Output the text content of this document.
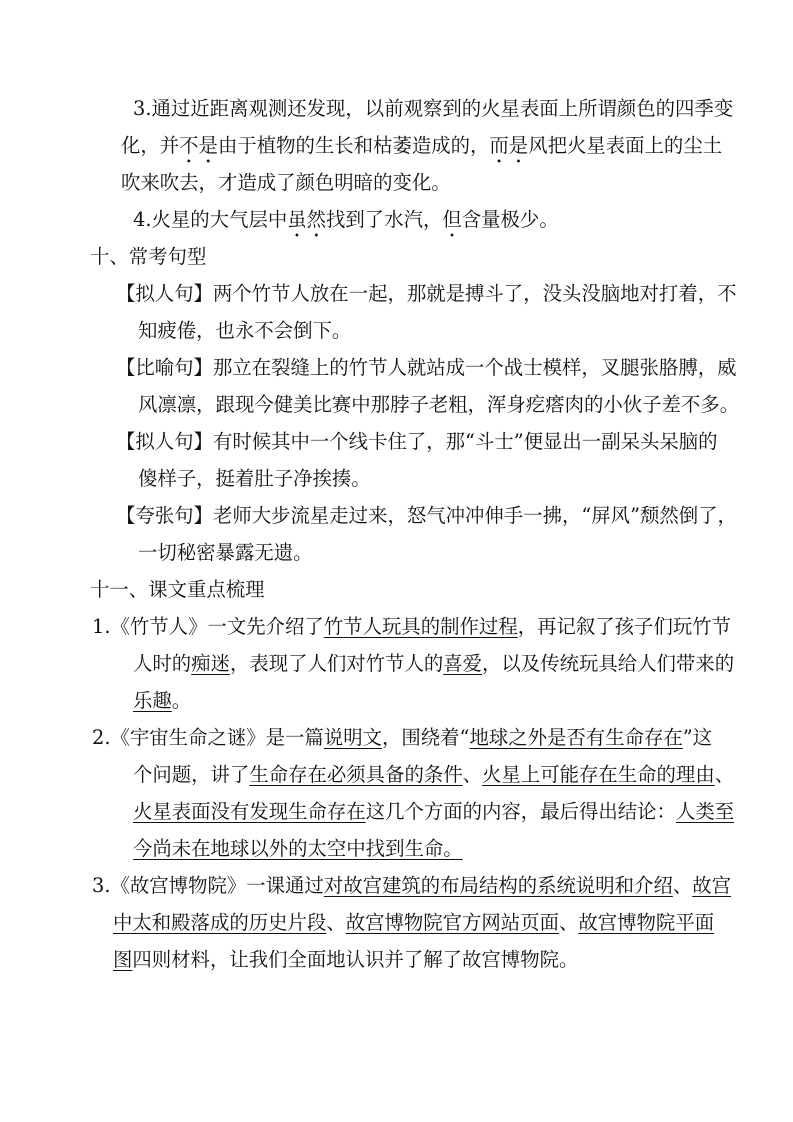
3.通过近距离观测还发现，以前观察到的火星表面上所谓颜色的四季变
化，并不是由于植物的生长和枯萎造成的，而是风把火星表面上的尘土
吹来吹去，才造成了颜色明暗的变化。
4.火星的大气层中虽然找到了水汽，但含量极少。
十、常考句型
【拟人句】两个竹节人放在一起，那就是搏斗了，没头没脑地对打着，不
知疲倦，也永不会倒下。
【比喻句】那立在裂缝上的竹节人就站成一个战士模样，叉腿张胳膊，威
风凛凛，跟现今健美比赛中那脖子老粗，浑身疙瘩肉的小伙子差不多。
【拟人句】有时候其中一个线卡住了，那“斗士”便显出一副呆头呆脑的
傻样子，挺着肚子净挨揍。
【夸张句】老师大步流星走过来，怒气冲冲伸手一拂，“屏风”颓然倒了，
一切秘密暴露无遗。
十一、课文重点梳理
1.《竹节人》一文先介绍了竹节人玩具的制作过程，再记叙了孩子们玩竹节
人时的痴迷，表现了人们对竹节人的喜爱，以及传统玩具给人们带来的
乐趣。
2.《宇宙生命之谜》是一篇说明文，围绕着“地球之外是否有生命存在”这
个问题，讲了生命存在必须具备的条件、火星上可能存在生命的理由、
火星表面没有发现生命存在这几个方面的内容，最后得出结论：人类至
今尚未在地球以外的太空中找到生命。
3.《故宫博物院》一课通过对故宫建筑的布局结构的系统说明和介绍、故宫
中太和殿落成的历史片段、故宫博物院官方网站页面、故宫博物院平面
图四则材料，让我们全面地认识并了解了故宫博物院。
